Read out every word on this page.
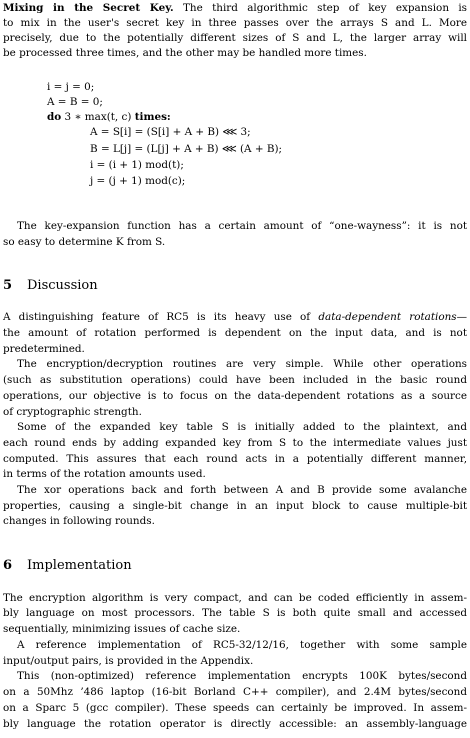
Mixing in the Secret Key. The third algorithmic step of key expansion is
to mix in the user's secret key in three passes over the arrays S and L. More
precisely, due to the potentially different sizes of S and L, the larger array will
be processed three times, and the other may be handled more times.
i = j = 0;
A = B = 0;
do 3 ∗ max(t, c) times:
A = S[i] = (S[i] + A + B) ⋘ 3;
B = L[j] = (L[j] + A + B) ⋘ (A + B);
i = (i + 1) mod(t);
j = (j + 1) mod(c);
The key-expansion function has a certain amount of “one-wayness”: it is not
so easy to determine K from S.
5 Discussion
A distinguishing feature of RC5 is its heavy use of data-dependent rotations—
the amount of rotation performed is dependent on the input data, and is not
predetermined.
The encryption/decryption routines are very simple. While other operations
(such as substitution operations) could have been included in the basic round
operations, our objective is to focus on the data-dependent rotations as a source
of cryptographic strength.
Some of the expanded key table S is initially added to the plaintext, and
each round ends by adding expanded key from S to the intermediate values just
computed. This assures that each round acts in a potentially different manner,
in terms of the rotation amounts used.
The xor operations back and forth between A and B provide some avalanche
properties, causing a single-bit change in an input block to cause multiple-bit
changes in following rounds.
6 Implementation
The encryption algorithm is very compact, and can be coded efficiently in assem-
bly language on most processors. The table S is both quite small and accessed
sequentially, minimizing issues of cache size.
A reference implementation of RC5-32/12/16, together with some sample
input/output pairs, is provided in the Appendix.
This (non-optimized) reference implementation encrypts 100K bytes/second
on a 50Mhz ’486 laptop (16-bit Borland C++ compiler), and 2.4M bytes/second
on a Sparc 5 (gcc compiler). These speeds can certainly be improved. In assem-
bly language the rotation operator is directly accessible: an assembly-language
